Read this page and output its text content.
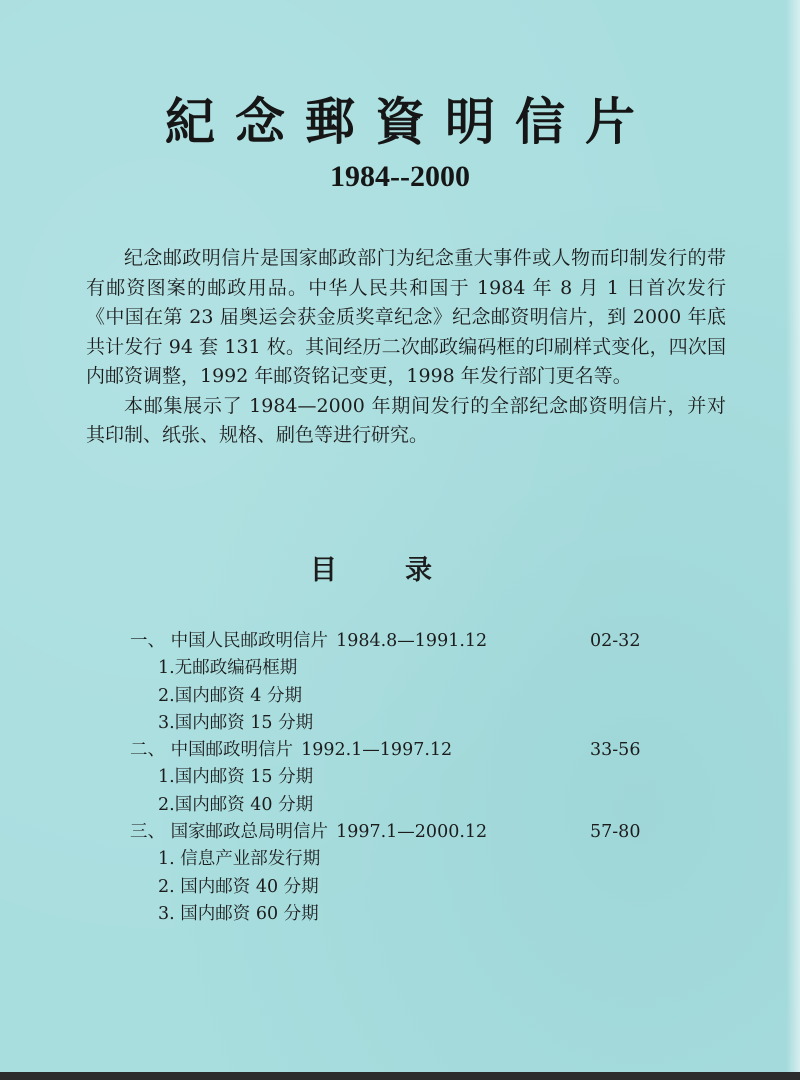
紀念郵資明信片
1984--2000

纪念邮政明信片是国家邮政部门为纪念重大事件或人物而印制发行的带有邮资图案的邮政用品。中华人民共和国于 1984 年 8 月 1 日首次发行《中国在第 23 届奥运会获金质奖章纪念》纪念邮资明信片，到 2000 年底共计发行 94 套 131 枚。其间经历二次邮政编码框的印刷样式变化，四次国内邮资调整，1992 年邮资铭记变更，1998 年发行部门更名等。

本邮集展示了 1984—2000 年期间发行的全部纪念邮资明信片，并对其印制、纸张、规格、刷色等进行研究。

目录
一、 中国人民邮政明信片 1984.8—1991.12	02-32
1.无邮政编码框期
2.国内邮资 4 分期
3.国内邮资 15 分期
二、 中国邮政明信片 1992.1—1997.12	33-56
1.国内邮资 15 分期
2.国内邮资 40 分期
三、 国家邮政总局明信片 1997.1—2000.12	57-80
1. 信息产业部发行期
2. 国内邮资 40 分期
3. 国内邮资 60 分期
